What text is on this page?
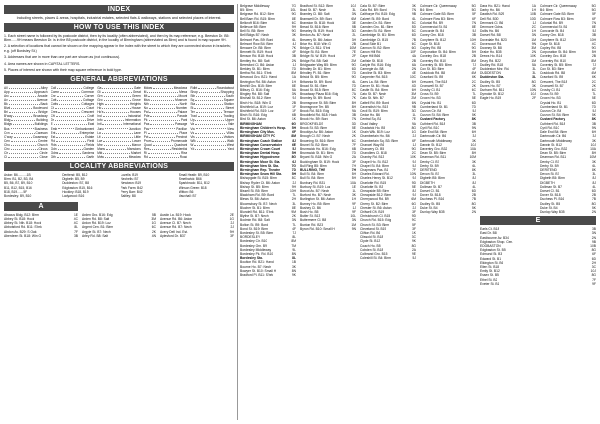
INDEX
Including streets, places & areas, hospitals, industrial estates, selected flats & walkways, stations and selected places of interest.
HOW TO USE THIS INDEX

1. Each street name is followed by its postcode district, then by its locality (often abbreviated), and then by its map reference; e.g. Beeston Dr. B5: Birm......9H means Beeston Dr. is in the B5 postcode district, in the locality of Birmingham (abbreviated as Birm) and is found in map square 9H.

2. A selection of locations that cannot be shown on the mapping appear in the index with the street to which they are connected shown in brackets; e.g. (off Bordsley St.)

3. Addresses that are in more than one part are shown as (not continuous).

4. Area names are shown in CAPITAL LETTERS.

5. Places of interest are shown with their map square reference in bold type.

GENERAL ABBREVIATIONS
All	Alley Coll	College Ga	Gate Mdws	Meadows Rdbt	Roundabout
App	Approach Comn	Common Gt	Great M	Mews Shop	Shopping
Arc	Arcade Cnr	Corner Grn	Green Mt	Mount Sth	South
Av	Avenue Cott	Cottage Gro	Grove Mus	Museum Sq	Square
Bk	Back Cotts	Cottages Hgts	Heights Nth	North Sta	Station
Blvd	Boulevard Ct	Court Ho	House No	Number St	Street
Bri	Bridge Cres	Crescent Ho's	Houses Pal	Palace Ter	Terrace
B'way	Broadway Cft	Croft Ind	Industrial Pde	Parade Trad	Trading
Bldg	Building Dr	Drive Info	Information Pk	Park Up	Upper
Bldgs	Buildings E	East Intl	International Pas	Passage Va	Vale
Bus	Business Emb	Embankment Junc	Junction Pav	Pavilion Vw	View
Cvn	Caravan Ent	Enterprise La	Lane Pl	Place Vs	Villas
C'way	Causeway Est	Estate Lit	Little Pct	Precinct Vis	Visitors
Cen	Centre Fld	Field Lwr	Lower Prom	Promenade Wlk	Walk
Chu	Church Flds	Fields Mnr	Manor Quad	Quadrant W	West
Circ	Circus Gdn	Garden Mans	Mansions Res	Residential Yd	Yard
Cir	Circle Gdns	Gardens Mkt	Market Ri	Rise
Cl	Close Gth	Garth Mdw	Meadow Rd	Road
LOCALITY ABBREVIATIONS
Aston: B6..........1B	Deritend: B5, B12	Lozells: B19	Small Heath: B9, B10
Birm: B1, B2, B3, B4	Digbeth: B5, B9	Nechells: B7	Smethwick: B66
B5, B6, B7, B9, B10	Duddeston: B7, B8	Newtown: B19	Sparkbrook: B11, B12
B11, B12, B15, B16	Edgbaston: B15, B16	Park Farm: B42	Winson Green: B18
B18, B19.......5F	Hockley: B18, B19	Perry Barr: B42	Witton: B6
Bordesley: B9, B10	Ladywood: B16	Saltley: B8	Vauxhall: B7
A
Abacus Bldg. B12: Birm	1E
Abbey St. B18: Hock	4C
Abbey St. Nth. B18: Hock	4C
Abbotsford Rd. B11: S'brk	8L
Abdon Av. B29: S Oak	7F
Aberdeen St. B18: Win G	3B
Arden Gro. B16: Edg	5B
Arden Rd. B8: Salt	3M
Ardon Rd. B19: Loz	1G
Argent Cen. B1: Birm	6C
Argyle St. B7: Nech	2K
Arley Rd. B8: Salt	4N
Austin La. B19: Hock	2E
Avenue Rd. B6: Aston	1G
Avenue Cl. B7: Nech	2J
Avenue Rd. B7: Nech	2J
Avery Dell Ind. Est.	9H
Aylesford Dr. B37	3F
Belgrave Middleway	7G
B5: Birm	10L
Belgrave Rd. B12: Birm	9G
Bell Barn Rd. B15: Birm	8E
Bellcroft B16: Birm	6C
Bellevue B5: Birm	9H
Bell St. B5: Birm	9G
Bell Bldgs B7: Nech	3K
Belmont Pas. B9: Bord	6L
Belmont Row B4: Birm	4J
Benacre Dr. B5: Birm	7K
Bennett St. B19: Hock	4F
Benson Rd. B18: Hock	3B
Bentley Ho. B8: Salt	2N
Beresford Cl. B6: Aston	1J
Berkley St. B1: Birm	7D
Bertha Rd. B11: S'brk	8M
Berwood Gro. B21: Hand	1A
Bevington Rd. B6: Aston	1H
Bexhill Gro. B15: Birm	8E
Bilbury Cl. B16: Edg	5A
Bingley Rd. B8: Salt	3N
Birchall St. B12: Birm	9J
Birch Ho. B18: Win G	2B
Birchfield La. B19: Loz	1F
Birchfield Rd. B19: Loz	1F
Birch St. B16: Edg	6B
Bird St. B6: Aston	1K
BIRMINGHAM	6G
Birmingham Children's Hosp.	5H
Birmingham City Mus.	6F
BIRMINGHAM CITY FC	8M
Birmingham Coach Station	8J
Birmingham Conservatoire	6E
Birmingham Crown Court	5J
Birmingham Dental Hosp.	5H
Birmingham Hippodrome	8G
Birmingham Moor St. Sta.	6J
Birmingham New St. Sta.	7G
Birmingham Rep. Theatre	7D
Birmingham Snow Hill Sta.	5H
Bishopgate St. B15: Birm	8C
Bishop Ryder Ct. B6: Aston	2J
Bishop St. B5: Birm	9H
Bissell St. B5: Birm	10H
Blackham Rd. B9: Bord	7L
Blews St. B6: Aston	2H
Bloomsbury St. B7: Nech	3L
Blucher St. B1: Birm	8E
Blundell Rd. B11: S'brk	9M
Blythe St. B7: Nech	2K
Bodmin Rd. B8: Salt	3N
Bolton St. B9: Bord	7L
Bond St. B19: Birm	4F
Bordesley St. B5: Birm	7J
BORDESLEY	8L
Bordesley Cir. B10	8M
Bordesley Grn. B9	7M
Bordesley Middleway	9L
Bordesley Pk. Rd. B10	8N
Bordesley Sta.	8L
Boulton Rd. B21: Hand	1B
Bourne Ho. B7: Nech	3K
Bowyer St. B10: Small H	8N
Bradford Pl. B11: S'brk	9K
Bradford St. B12: Birm	10J
Brad St. B7: Nech	3L
Bramley Cl. B8: Salt	3N
Bramwell Dr. B9: Bord	6M
Branston St. B18: Hock	3E
Bread St. B16: Birm	5B
Brearley St. B19: Hock	3G
Bredon Av. B7: Nech	2L
Brewery St. B6: Aston	3H
Briar Ho. B18: Win G	2B
Bridge Ct. B11: S'brk	10M
Bridge St. B1: Birm	7E
Bridge St. W. B19: Hock	2F
Bridge Rd. B8: Salt	2M
Bridgwater Way B5: Birm	9G
Brindley Dr. B1: Birm	6D
Brindley Pl. B1: Birm	7D
Bristol St. B5: Birm	9G
Britannia St. B9: Bord	6L
Broad St. B1: Birm	7D
Broad St. B15: Birm	8C
Broadway Plaza B16: Edg	7A
Bromley St. B9: Bord	7K
Bromsgrove St. B5: Birm	8H
Bromsgrove Ter. B5	8H
Brook Rd. B15: Edg	9A
Brookfield Rd. B18: Hock	3B
Brook Ho. B9: Bord	7N
BROOKFIELDS	3D
Brook St. B3: Birm	5E
Brooklyn Av. B6: Aston	1K
Brough Cl. B7: Nech	2K
Browning St. B16: Birm	6C
Brunel St. B2: Birm	7F
Brunswick Ho. B16: Edg	6B
Brunswick St. B1: Birm	7D
Bryant St. B18: Win G	2A
Buckingham St. B19: Hock	3F
Bull Ring B5: Birm	7H
BULLRING, THE	7H
Bull St. B4: Birm	5H
Bull St. B4: Birm	5H
Bunbury Rd. B31	10A
Burbury St. B19: Loz	1E
Burcot Av. B7: Nech	1L
Burford Ho. B7: Nech	3K
Burlington St. B6: Aston	1H
Burney Ho. B5: Birm	9F
Bushey Cl. B6	1J
Bush Ho. B5	9F
Butler St. B13	10L
Buttermere Cl. B8	3N
Buxton Rd. B23	1M
Byron Rd. B10: Small H	9N
Cala St. B7: Birm	3K
Cala Rd. B9: Bord	7N
Calthorpe Rd. B15: Edg	9B
Calvert St. B9: Bord	6L
Camden Dr. B1: Birm	5C
Camden Gro. B1: Birm	5D
Camden St. B1: Birm	5C
Cambridge St. B1: Birm	6D
Cambridge Ct. B15	7B
Canal Side B1	6C
Cannon St. B2: Birm	6G
Canon Hill Rd.	10F
Cape Hill B66	4A
Carlisle St. B18	2B
Carlyle Rd. B16: Edg	6A
Carnegie Av. B8	2N
Caroline St. B3: Birm	4E
Carpenter Rd. B15	10C
Carrs La. B4: Birm	6H
Carver St. B1: Hock	4D
Castle St. B4: Birm	6H
Cato St. B7: Nech	3M
Cato St. Nth. B7	2M
Cattell Rd. B9: Bord	6N
Cavendish Ho. B15	9B
Cecil St. B19: Birm	3G
Cedar Ho. B6	1L
Central Sq. B1	7E
Chad Valley	9A
Chadwick Ho. B5	8G
Chain Wlk. B19: Loz	1G
Chamberlain Ho. B6	2J
Chamberlain Sq. B3: Birm	6F
Chancel Way B6	1J
Chancery Ct. B5	9G
Chandlers Cl. B18	2C
Chantry Rd. B13	10K
Chapel Ho. St. B12	9J
Chapel St. B4: Birm	5J
Chapmans Pas. B1	7F
Charles Edward Rd.	10N
Charles Henry St. B12	9J
Charlotte Rd. B15	9D
Charlotte St. B3	5E
Cheapside B5: Birm	8J
Cheapside B12: Birm	9J
Cherrywood Rd. B9	6M
Cherry St. B2: Birm	6G
Chester St. B6: Aston	2J
Chilwell Cft. B19	3F
Christchurch Cl. B15	9D
Church Rd. B15: Edg	9C
Church St. B3: Birm	5F
Cleveland St. B19	3F
Clifton Rd. B6	1K
Clissold St. B18	3C
Clyde St. B12	9K
Coach Ho. B5	8G
Cobden St. B18	2A
Colbrand Gro. B15	9E
Coleshill St. B4: Birm	5J
Colmore Cir. Queensway	5G
B4: Birm	5G
Colmore Gate B3: Birm	5F
Colmore Row B3: Birm	6F
Colonial Rd. B9	7N
Commercial St. B1	8E
Concorde St. B4	5J
Coney Grn. B18	3B
Conybere St. B12	10H
Cope St. B18	4C
Copley Rd. B5	9G
Corporation St. B4: Birm	5H
Coveley Gro. B18	2B
Coventry Rd. B10	8M
Coventry St. B5: Birm	7J
Cox St. B3: Birm	4F
Craddock Rd. B8	4M
Crawford St. B9	6K
Crescent, The B18	2C
Cromwell St. B7	2K
Crosby Cl. B1	6C
Cross St. B9	7L
Crown Ho. B3	5E
Crystal Ho. B1	6D
Cumberland St. B1	7D
Curzon Cir. B4	5J
Curzon St. B4: Birm	5K
Custard Factory	8K
Cuthbert Rd. B18	3B
Cyril Rd. B10	9N
Dale End B4: Birm	6H
Dartmouth Cir. B6	3J
Dartmouth Middleway	3K
Darwin St. B12	10J
Daventry Gro. B32	10A
Dean St. B5: Birm	8H
Dearman Rd. B11	10M
Denby Cl. B7	3K
Derby St. B9	6L
DERITEND	8K
Devon St. B7	3L
Digbeth B5: Birm	8J
DIGBETH	8J
Dollman St. B7	4L
Dorset Cl. B1	6D
Dover St. B18	2B
Duchess Pl. B16	7B
Dudley St. B5	8G
Duke St. B4	5K
Dunlop Way B35	2N
Dara Ho. B21: Hand	1A
Darby Ho. B6	1H
Dawlish Rd. B29	10B
Dell Rd. B30	10D
Denmark Cl. B6	1J
Denmore Gdns.	2C
Dollis Ho. B6	1H
Dorset Rd. B8	3N
Dovedale Rd. B23	1M
Dovercourt Rd.	9N
Downey St. B8	3M
Drake Ho. B35	2N
Drews Ho. B14	10K
Drury Rd. B22	1M
Dudley Rd. B18	5A
Duddeston Mnr. Rd.	3L
DUDDESTON	3L
Duddeston Sta.	3L
Dudley St. B5	8G
Dunes Ho. B7	3K
Durham Rd. B11	10N
Dymoke St. B12	10J
Eagle Ho. B19	2F
Colmore Cir. Queensway	5G
B4: Birm	5G
Colmore Gate B3: Birm	5F
Colmore Row B3: Birm	6F
Colonial Rd. B9	7N
Commercial St. B1	8E
Concorde St. B4	5J
Coney Grn. B18	3B
Conybere St. B12	10H
Cope St. B18	4C
Copley Rd. B5	9G
Corporation St. B4: Birm	5H
Coveley Gro. B18	2B
Coventry Rd. B10	8M
Coventry St. B5: Birm	7J
Cox St. B3: Birm	4F
Craddock Rd. B8	4M
Crawford St. B9	6K
Crescent, The B18	2C
Cromwell St. B7	2K
Crosby Cl. B1	6C
Cross St. B9	7L
Crown Ho. B3	5E
Crystal Ho. B1	6D
Cumberland St. B1	7D
Curzon Cir. B4	5J
Curzon St. B4: Birm	5K
Custard Factory	8K
Cuthbert Rd. B18	3B
Cyril Rd. B10	9N
Dale End B4: Birm	6H
Dartmouth Cir. B6	3J
Dartmouth Middleway	3K
Darwin St. B12	10J
Daventry Gro. B32	10A
Dean St. B5: Birm	8H
Dearman Rd. B11	10M
Denby Cl. B7	3K
Derby St. B9	6L
DERITEND	8K
Devon St. B7	3L
Digbeth B5: Birm	8J
DIGBETH	8J
Dollman St. B7	4L
Dorset Cl. B1	6D
Dover St. B18	2B
Duchess Pl. B16	7B
Dudley St. B5	8G
Duke St. B4	5K
Dunlop Way B35	2N
E
Earls Ct. B18	3B
East Dr. B8	3N
Eastbourne Av. B34	2N
Edgbaston Shop. Cen.	9B
EDGBASTON	10B
Edgbaston St. B5	8G
Edmund St. B3	6F
Edward St. B1	6D
Elkington St. B6	2H
Ellen St. B18	3C
Emily St. B12	10J
Essex St. B5	8G
Ethel St. B2	7F
Exeter St. B1	9F
